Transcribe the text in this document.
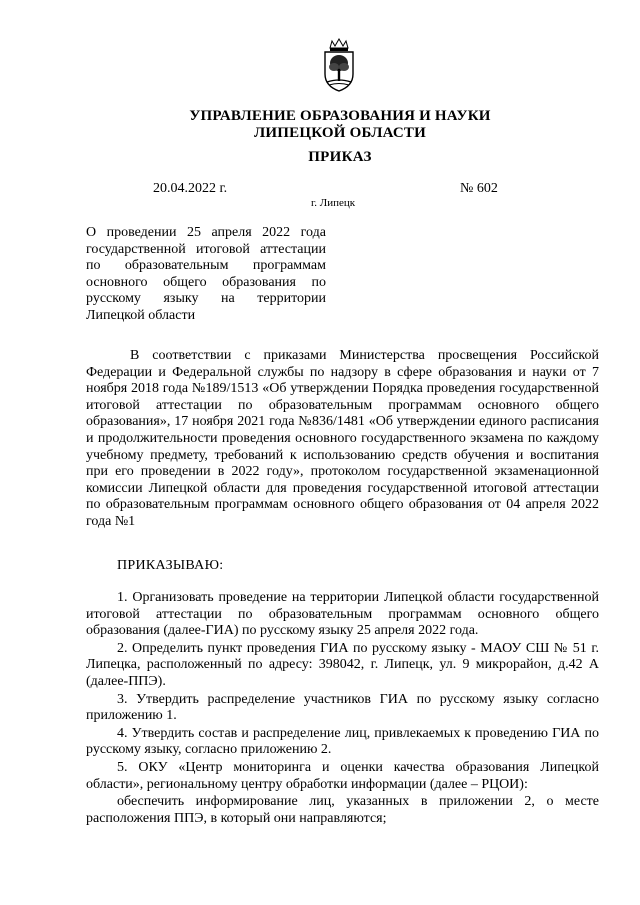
УПРАВЛЕНИЕ ОБРАЗОВАНИЯ И НАУКИ
ЛИПЕЦКОЙ ОБЛАСТИ
ПРИКАЗ
20.04.2022 г.	№ 602
г. Липецк
О проведении 25 апреля 2022 года государственной итоговой аттестации по образовательным программам основного общего образования по русскому языку на территории Липецкой области
В соответствии с приказами Министерства просвещения Российской Федерации и Федеральной службы по надзору в сфере образования и науки от 7 ноября 2018 года №189/1513 «Об утверждении Порядка проведения государственной итоговой аттестации по образовательным программам основного общего образования», 17 ноября 2021 года №836/1481 «Об утверждении единого расписания и продолжительности проведения основного государственного экзамена по каждому учебному предмету, требований к использованию средств обучения и воспитания при его проведении в 2022 году», протоколом государственной экзаменационной комиссии Липецкой области для проведения государственной итоговой аттестации по образовательным программам основного общего образования от 04 апреля 2022 года №1
ПРИКАЗЫВАЮ:

1. Организовать проведение на территории Липецкой области государственной итоговой аттестации по образовательным программам основного общего образования (далее-ГИА) по русскому языку 25 апреля 2022 года.

2. Определить пункт проведения ГИА по русскому языку - МАОУ СШ № 51 г. Липецка, расположенный по адресу: 398042, г. Липецк, ул. 9 микрорайон, д.42 А (далее-ППЭ).

3. Утвердить распределение участников ГИА по русскому языку согласно приложению 1.

4. Утвердить состав и распределение лиц, привлекаемых к проведению ГИА по русскому языку, согласно приложению 2.

5. ОКУ «Центр мониторинга и оценки качества образования Липецкой области», региональному центру обработки информации (далее – РЦОИ):

обеспечить информирование лиц, указанных в приложении 2, о месте расположения ППЭ, в который они направляются;
